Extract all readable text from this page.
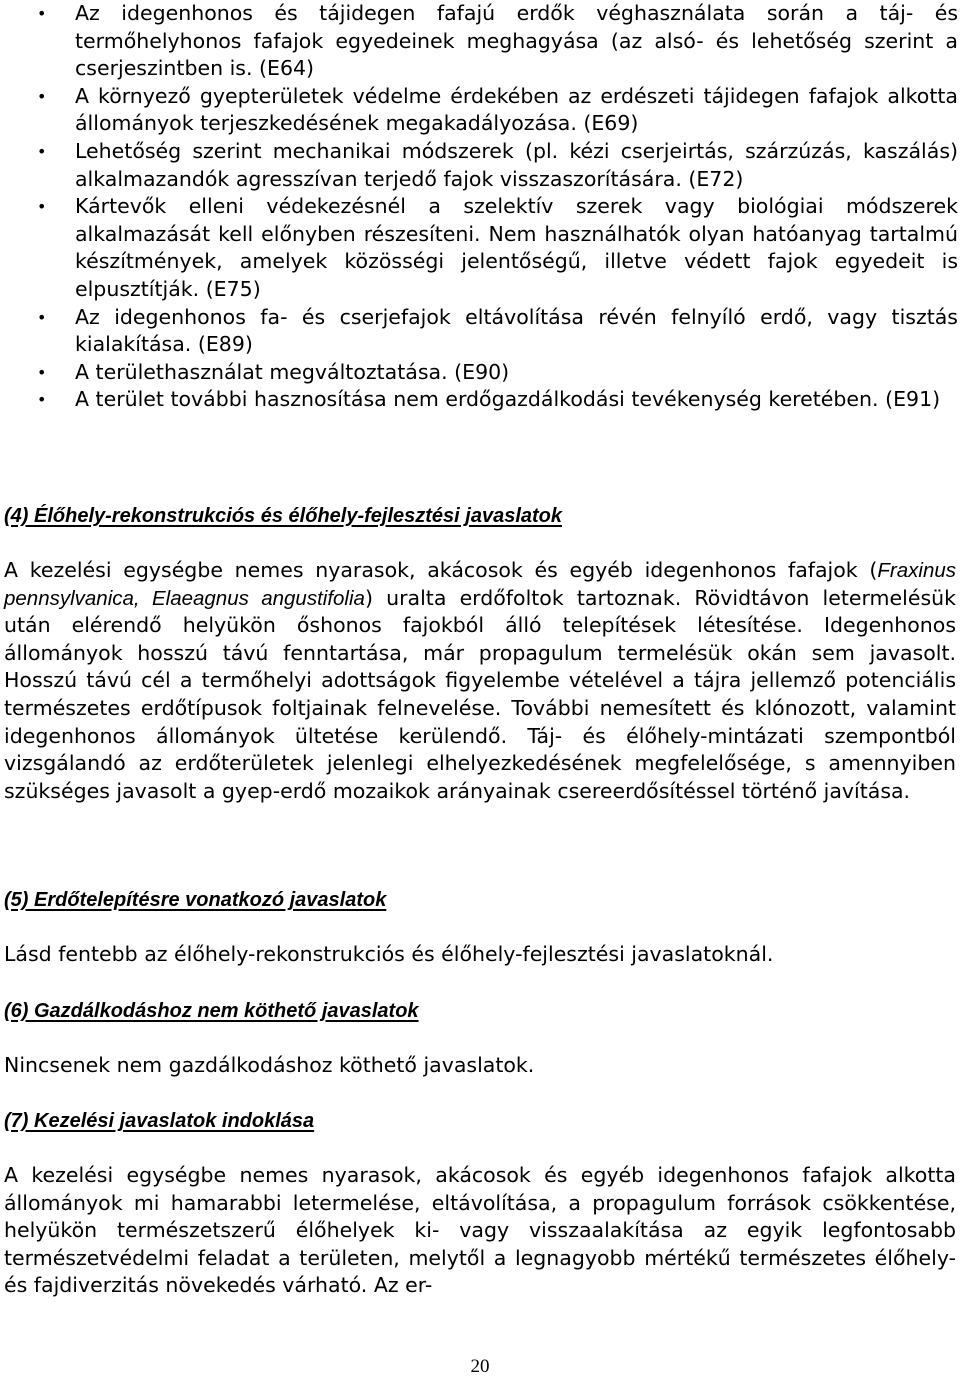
• Az idegenhonos és tájidegen fafajú erdők véghasználata során a táj- és termőhelyhonos fafajok egyedeinek meghagyása (az alsó- és lehetőség szerint a cserjeszintben is. (E64)
• A környező gyepterületek védelme érdekében az erdészeti tájidegen fafajok alkotta állományok terjeszkedésének megakadályozása. (E69)
• Lehetőség szerint mechanikai módszerek (pl. kézi cserjeirtás, szárzúzás, kaszálás) alkalmazandók agresszívan terjedő fajok visszaszorítására. (E72)
• Kártevők elleni védekezésnél a szelektív szerek vagy biológiai módszerek alkalmazását kell előnyben részesíteni. Nem használhatók olyan hatóanyag tartalmú készítmények, amelyek közösségi jelentőségű, illetve védett fajok egyedeit is elpusztítják. (E75)
• Az idegenhonos fa- és cserjefajok eltávolítása révén felnyíló erdő, vagy tisztás kialakítása. (E89)
• A területhasználat megváltoztatása. (E90)
• A terület további hasznosítása nem erdőgazdálkodási tevékenység keretében. (E91)
(4) Élőhely-rekonstrukciós és élőhely-fejlesztési javaslatok

A kezelési egységbe nemes nyarasok, akácosok és egyéb idegenhonos fafajok (Fraxinus pennsylvanica, Elaeagnus angustifolia) uralta erdőfoltok tartoznak. Rövidtávon letermelésük után elérendő helyükön őshonos fajokból álló telepítések létesítése. Idegenhonos állományok hosszú távú fenntartása, már propagulum termelésük okán sem javasolt. Hosszú távú cél a termőhelyi adottságok figyelembe vételével a tájra jellemző potenciális természetes erdőtípusok foltjainak felnevelése. További nemesített és klónozott, valamint idegenhonos állományok ültetése kerülendő. Táj- és élőhely-mintázati szempontból vizsgálandó az erdőterületek jelenlegi elhelyezkedésének megfelelősége, s amennyiben szükséges javasolt a gyep-erdő mozaikok arányainak csereerdősítéssel történő javítása.

(5) Erdőtelepítésre vonatkozó javaslatok

Lásd fentebb az élőhely-rekonstrukciós és élőhely-fejlesztési javaslatoknál.

(6) Gazdálkodáshoz nem köthető javaslatok

Nincsenek nem gazdálkodáshoz köthető javaslatok.

(7) Kezelési javaslatok indoklása

A kezelési egységbe nemes nyarasok, akácosok és egyéb idegenhonos fafajok alkotta állományok mi hamarabbi letermelése, eltávolítása, a propagulum források csökkentése, helyükön természetszerű élőhelyek ki- vagy visszaalakítása az egyik legfontosabb természetvédelmi feladat a területen, melytől a legnagyobb mértékű természetes élőhely- és fajdiverzitás növekedés várható. Az er-

20
